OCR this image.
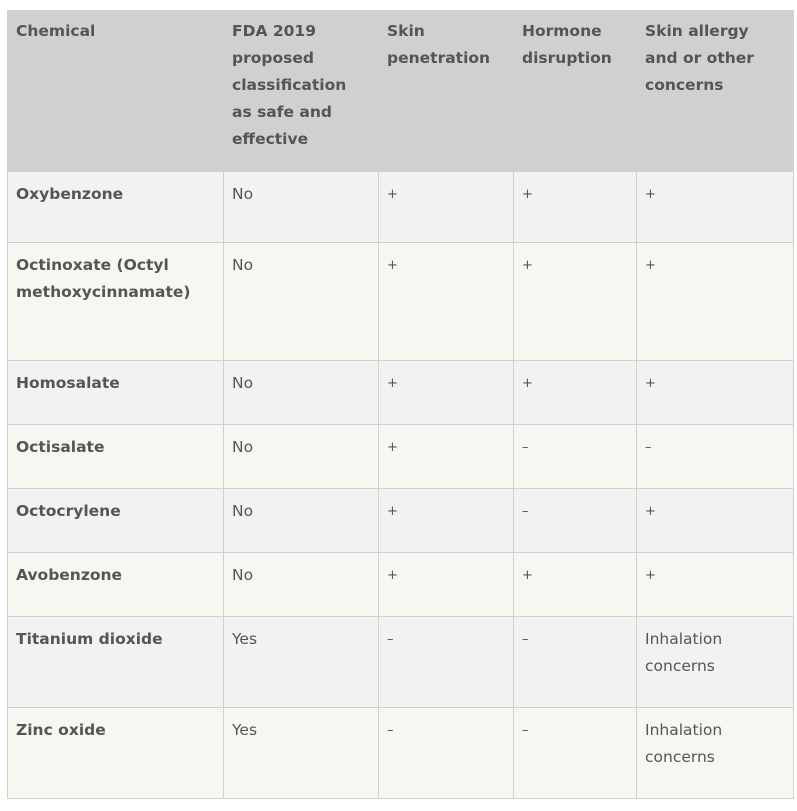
Chemical	FDA 2019 proposed classification as safe and effective	Skin penetration	Hormone disruption	Skin allergy and or other concerns
Oxybenzone	No	+	+	+
Octinoxate (Octyl methoxycinnamate)	No	+	+	+
Homosalate	No	+	+	+
Octisalate	No	+	–	–
Octocrylene	No	+	–	+
Avobenzone	No	+	+	+
Titanium dioxide	Yes	–	–	Inhalation concerns
Zinc oxide	Yes	–	–	Inhalation concerns
